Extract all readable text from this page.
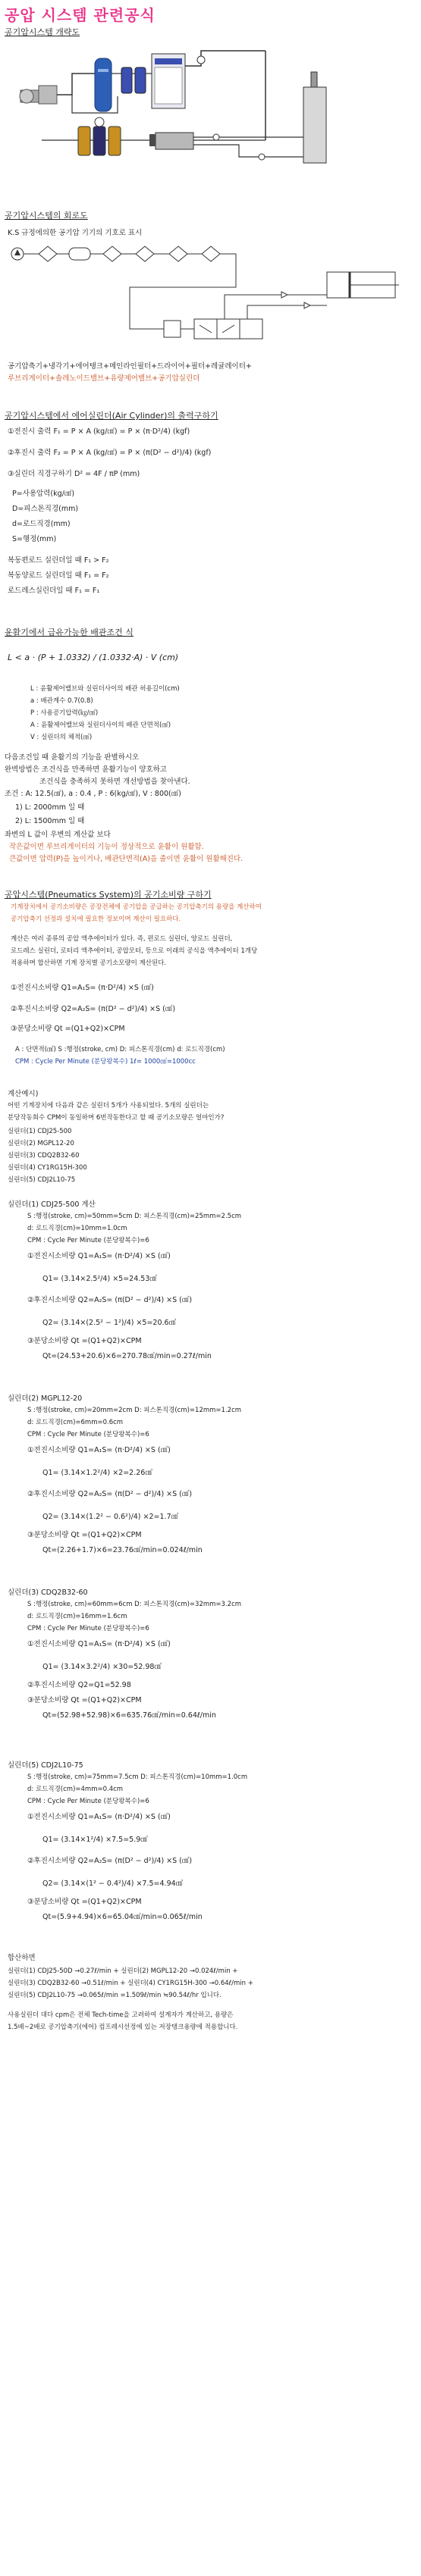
공압 시스템 관련공식
공기압시스템 개략도
공기압시스템의 회로도
K.S 규정에의한 공기압 기기의 기호로 표시
공기압축기+냉각기+에어탱크+메인라인필터+드라이어+필터+레귤레이터+
루브리게이터+솔레노이드밸브+유량제어밸브+공기압실린더
공기압시스템에서 에어실린더(Air Cylinder)의 출력구하기
①전진시 출력 F₁ = P × A (kg/㎠) = P × (π·D²/4) (kgf)
②후진시 출력 F₂ = P × A (kg/㎠) = P × (π(D² − d²)/4) (kgf)
③실린더 직경구하기 D² = 4F / πP (mm)
P=사용압력(kg/㎠)
D=피스톤직경(mm)
d=로드직경(mm)
S=행정(mm)
복동편로드 실린더일 때 F₁ > F₂
복동양로드 실린더일 때 F₁ = F₂
로드레스실린더일 때 F₁ = F₁
윤활기에서 급유가능한 배관조건 식
L < a · (P + 1.0332) / (1.0332·A) · V (cm)
L : 윤활제어밸브와 실린더사이의 배관 허용길이(cm)
a : 배관계수 0.7(0.8)
P : 사용공기압력(㎏/㎠)
A : 윤활제어밸브와 실린더사이의 배관 단면적(㎠)
V : 실린더의 체적(㎤)
다음조건일 때 윤활기의 기능을 판별하시오
완벽방법은 조건식을 만족하면 윤활기능이 양호하고
조건식을 충족하지 못하면 개선방법을 찾아낸다.
조건 : A: 12.5(㎠), a : 0.4 , P : 6(kg/㎠), V : 800(㎤)
1) L: 2000mm 일 때
2) L: 1500mm 일 때
좌변의 L 값이 우변의 계산값 보다
작은값이면 루브리게이터의 기능이 정상적으로 윤활이 원활함.
큰값이면 압력(P)을 높이거나, 배관단면적(A)을 줄이면 윤활이 원활해진다.
공압시스템(Pneumatics System)의 공기소비량 구하기
기계장치에서 공기소비량은 공장전체에 공기압을 공급하는 공기압축기의 용량을 계산하여
공기압축기 선정과 설치에 필요한 정보이며 계산이 필요하다.
계산은 여러 종류의 공압 액추에이터가 있다. 즉, 편로드 실린더, 양로드 실린더,
로드레스 실린더, 로터리 액추에이터, 공압모터, 등으로 이래의 공식을 액추에이터 1개당
적용하며 합산하면 기계 장치별 공기소모량이 계산된다.
①전진시소비량 Q1=A₁S= (π·D²/4) ×S (㎤)
②후진시소비량 Q2=A₂S= (π(D² − d²)/4) ×S (㎤)
③분당소비량 Qt =(Q1+Q2)×CPM
A : 단면적(㎠) S :행정(stroke, cm) D: 피스톤직경(cm) d: 로드직경(cm)
CPM : Cycle Per Minute (분당왕복수) 1ℓ= 1000㎤=1000cc
계산예시)
어떤 기계장치에 다음과 같은 실린더 5개가 사용되었다. 5개의 실린더는
분당작동회수 CPM이 동일하며 6번작동한다고 할 때 공기소모량은 얼마인가?
실린더(1) CDJ25-500
실린더(2) MGPL12-20
실린더(3) CDQ2B32-60
실린더(4) CY1RG15H-300
실린더(5) CDJ2L10-75
실린더(1) CDJ25-500 계산
S :행정(stroke, cm)=50mm=5cm D: 피스톤직경(cm)=25mm=2.5cm
d: 로드직경(cm)=10mm=1.0cm
CPM : Cycle Per Minute (분당왕복수)=6
①전진시소비량 Q1=A₁S= (π·D²/4) ×S (㎤)
Q1= (3.14×2.5²/4) ×5=24.53㎤
②후진시소비량 Q2=A₂S= (π(D² − d²)/4) ×S (㎤)
Q2= (3.14×(2.5² − 1²)/4) ×5=20.6㎤
③분당소비량 Qt =(Q1+Q2)×CPM
Qt=(24.53+20.6)×6=270.78㎤/min=0.27ℓ/min
실린더(2) MGPL12-20
S :행정(stroke, cm)=20mm=2cm D: 피스톤직경(cm)=12mm=1.2cm
d: 로드직경(cm)=6mm=0.6cm
CPM : Cycle Per Minute (분당왕복수)=6
①전진시소비량 Q1=A₁S= (π·D²/4) ×S (㎤)
Q1= (3.14×1.2²/4) ×2=2.26㎤
②후진시소비량 Q2=A₂S= (π(D² − d²)/4) ×S (㎤)
Q2= (3.14×(1.2² − 0.6²)/4) ×2=1.7㎤
③분당소비량 Qt =(Q1+Q2)×CPM
Qt=(2.26+1.7)×6=23.76㎤/min=0.024ℓ/min
실린더(3) CDQ2B32-60
S :행정(stroke, cm)=60mm=6cm D: 피스톤직경(cm)=32mm=3.2cm
d: 로드직경(cm)=16mm=1.6cm
CPM : Cycle Per Minute (분당왕복수)=6
①전진시소비량 Q1=A₁S= (π·D²/4) ×S (㎤)
Q1= (3.14×3.2²/4) ×30=52.98㎤
②후진시소비량 Q2=Q1=52.98
③분당소비량 Qt =(Q1+Q2)×CPM
Qt=(52.98+52.98)×6=635.76㎤/min=0.64ℓ/min
실린더(5) CDJ2L10-75
S :행정(stroke, cm)=75mm=7.5cm D: 피스톤직경(cm)=10mm=1.0cm
d: 로드직경(cm)=4mm=0.4cm
CPM : Cycle Per Minute (분당왕복수)=6
①전진시소비량 Q1=A₁S= (π·D²/4) ×S (㎤)
Q1= (3.14×1²/4) ×7.5=5.9㎤
②후진시소비량 Q2=A₂S= (π(D² − d²)/4) ×S (㎤)
Q2= (3.14×(1² − 0.4²)/4) ×7.5=4.94㎤
③분당소비량 Qt =(Q1+Q2)×CPM
Qt=(5.9+4.94)×6=65.04㎤/min=0.065ℓ/min
합산하면
실린더(1) CDJ25-50D →0.27ℓ/min + 실린더(2) MGPL12-20 →0.024ℓ/min +
실린더(3) CDQ2B32-60 →0.51ℓ/min + 실린더(4) CY1RG15H-300 →0.64ℓ/min +
실린더(5) CDJ2L10-75 →0.065ℓ/min =1.509ℓ/min ≒90.54ℓ/hr 입니다.
사용실린더 대다 cpm은 전체 Tech-time을 고려하여 설계자가 계산하고, 용량은
1.5배~2배로 공기압축기(에어) 컴프레시선정에 있는 저장탱크용량에 적용합니다.
